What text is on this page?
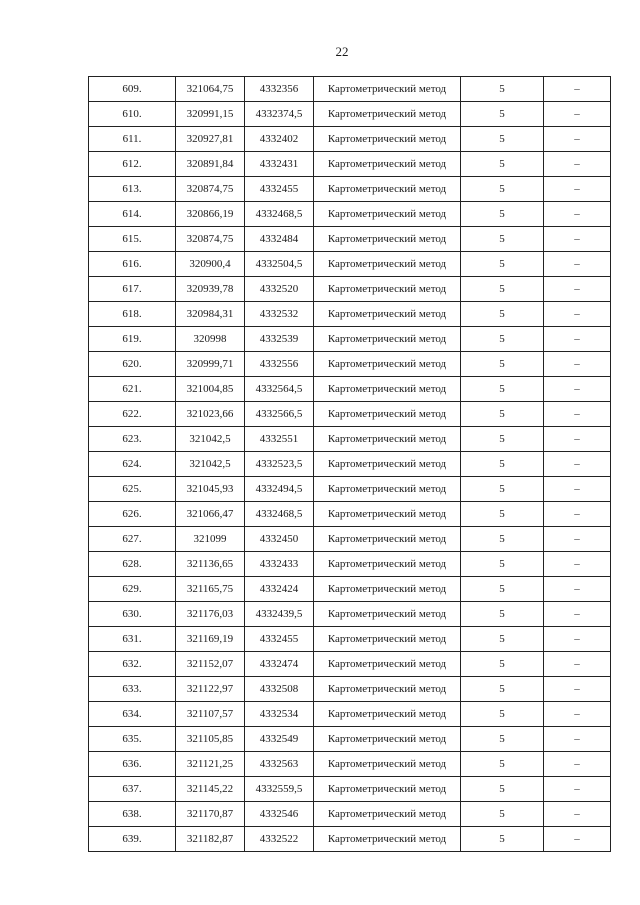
22
609.	321064,75	4332356	Картометрический метод	5	–
610.	320991,15	4332374,5	Картометрический метод	5	–
611.	320927,81	4332402	Картометрический метод	5	–
612.	320891,84	4332431	Картометрический метод	5	–
613.	320874,75	4332455	Картометрический метод	5	–
614.	320866,19	4332468,5	Картометрический метод	5	–
615.	320874,75	4332484	Картометрический метод	5	–
616.	320900,4	4332504,5	Картометрический метод	5	–
617.	320939,78	4332520	Картометрический метод	5	–
618.	320984,31	4332532	Картометрический метод	5	–
619.	320998	4332539	Картометрический метод	5	–
620.	320999,71	4332556	Картометрический метод	5	–
621.	321004,85	4332564,5	Картометрический метод	5	–
622.	321023,66	4332566,5	Картометрический метод	5	–
623.	321042,5	4332551	Картометрический метод	5	–
624.	321042,5	4332523,5	Картометрический метод	5	–
625.	321045,93	4332494,5	Картометрический метод	5	–
626.	321066,47	4332468,5	Картометрический метод	5	–
627.	321099	4332450	Картометрический метод	5	–
628.	321136,65	4332433	Картометрический метод	5	–
629.	321165,75	4332424	Картометрический метод	5	–
630.	321176,03	4332439,5	Картометрический метод	5	–
631.	321169,19	4332455	Картометрический метод	5	–
632.	321152,07	4332474	Картометрический метод	5	–
633.	321122,97	4332508	Картометрический метод	5	–
634.	321107,57	4332534	Картометрический метод	5	–
635.	321105,85	4332549	Картометрический метод	5	–
636.	321121,25	4332563	Картометрический метод	5	–
637.	321145,22	4332559,5	Картометрический метод	5	–
638.	321170,87	4332546	Картометрический метод	5	–
639.	321182,87	4332522	Картометрический метод	5	–
